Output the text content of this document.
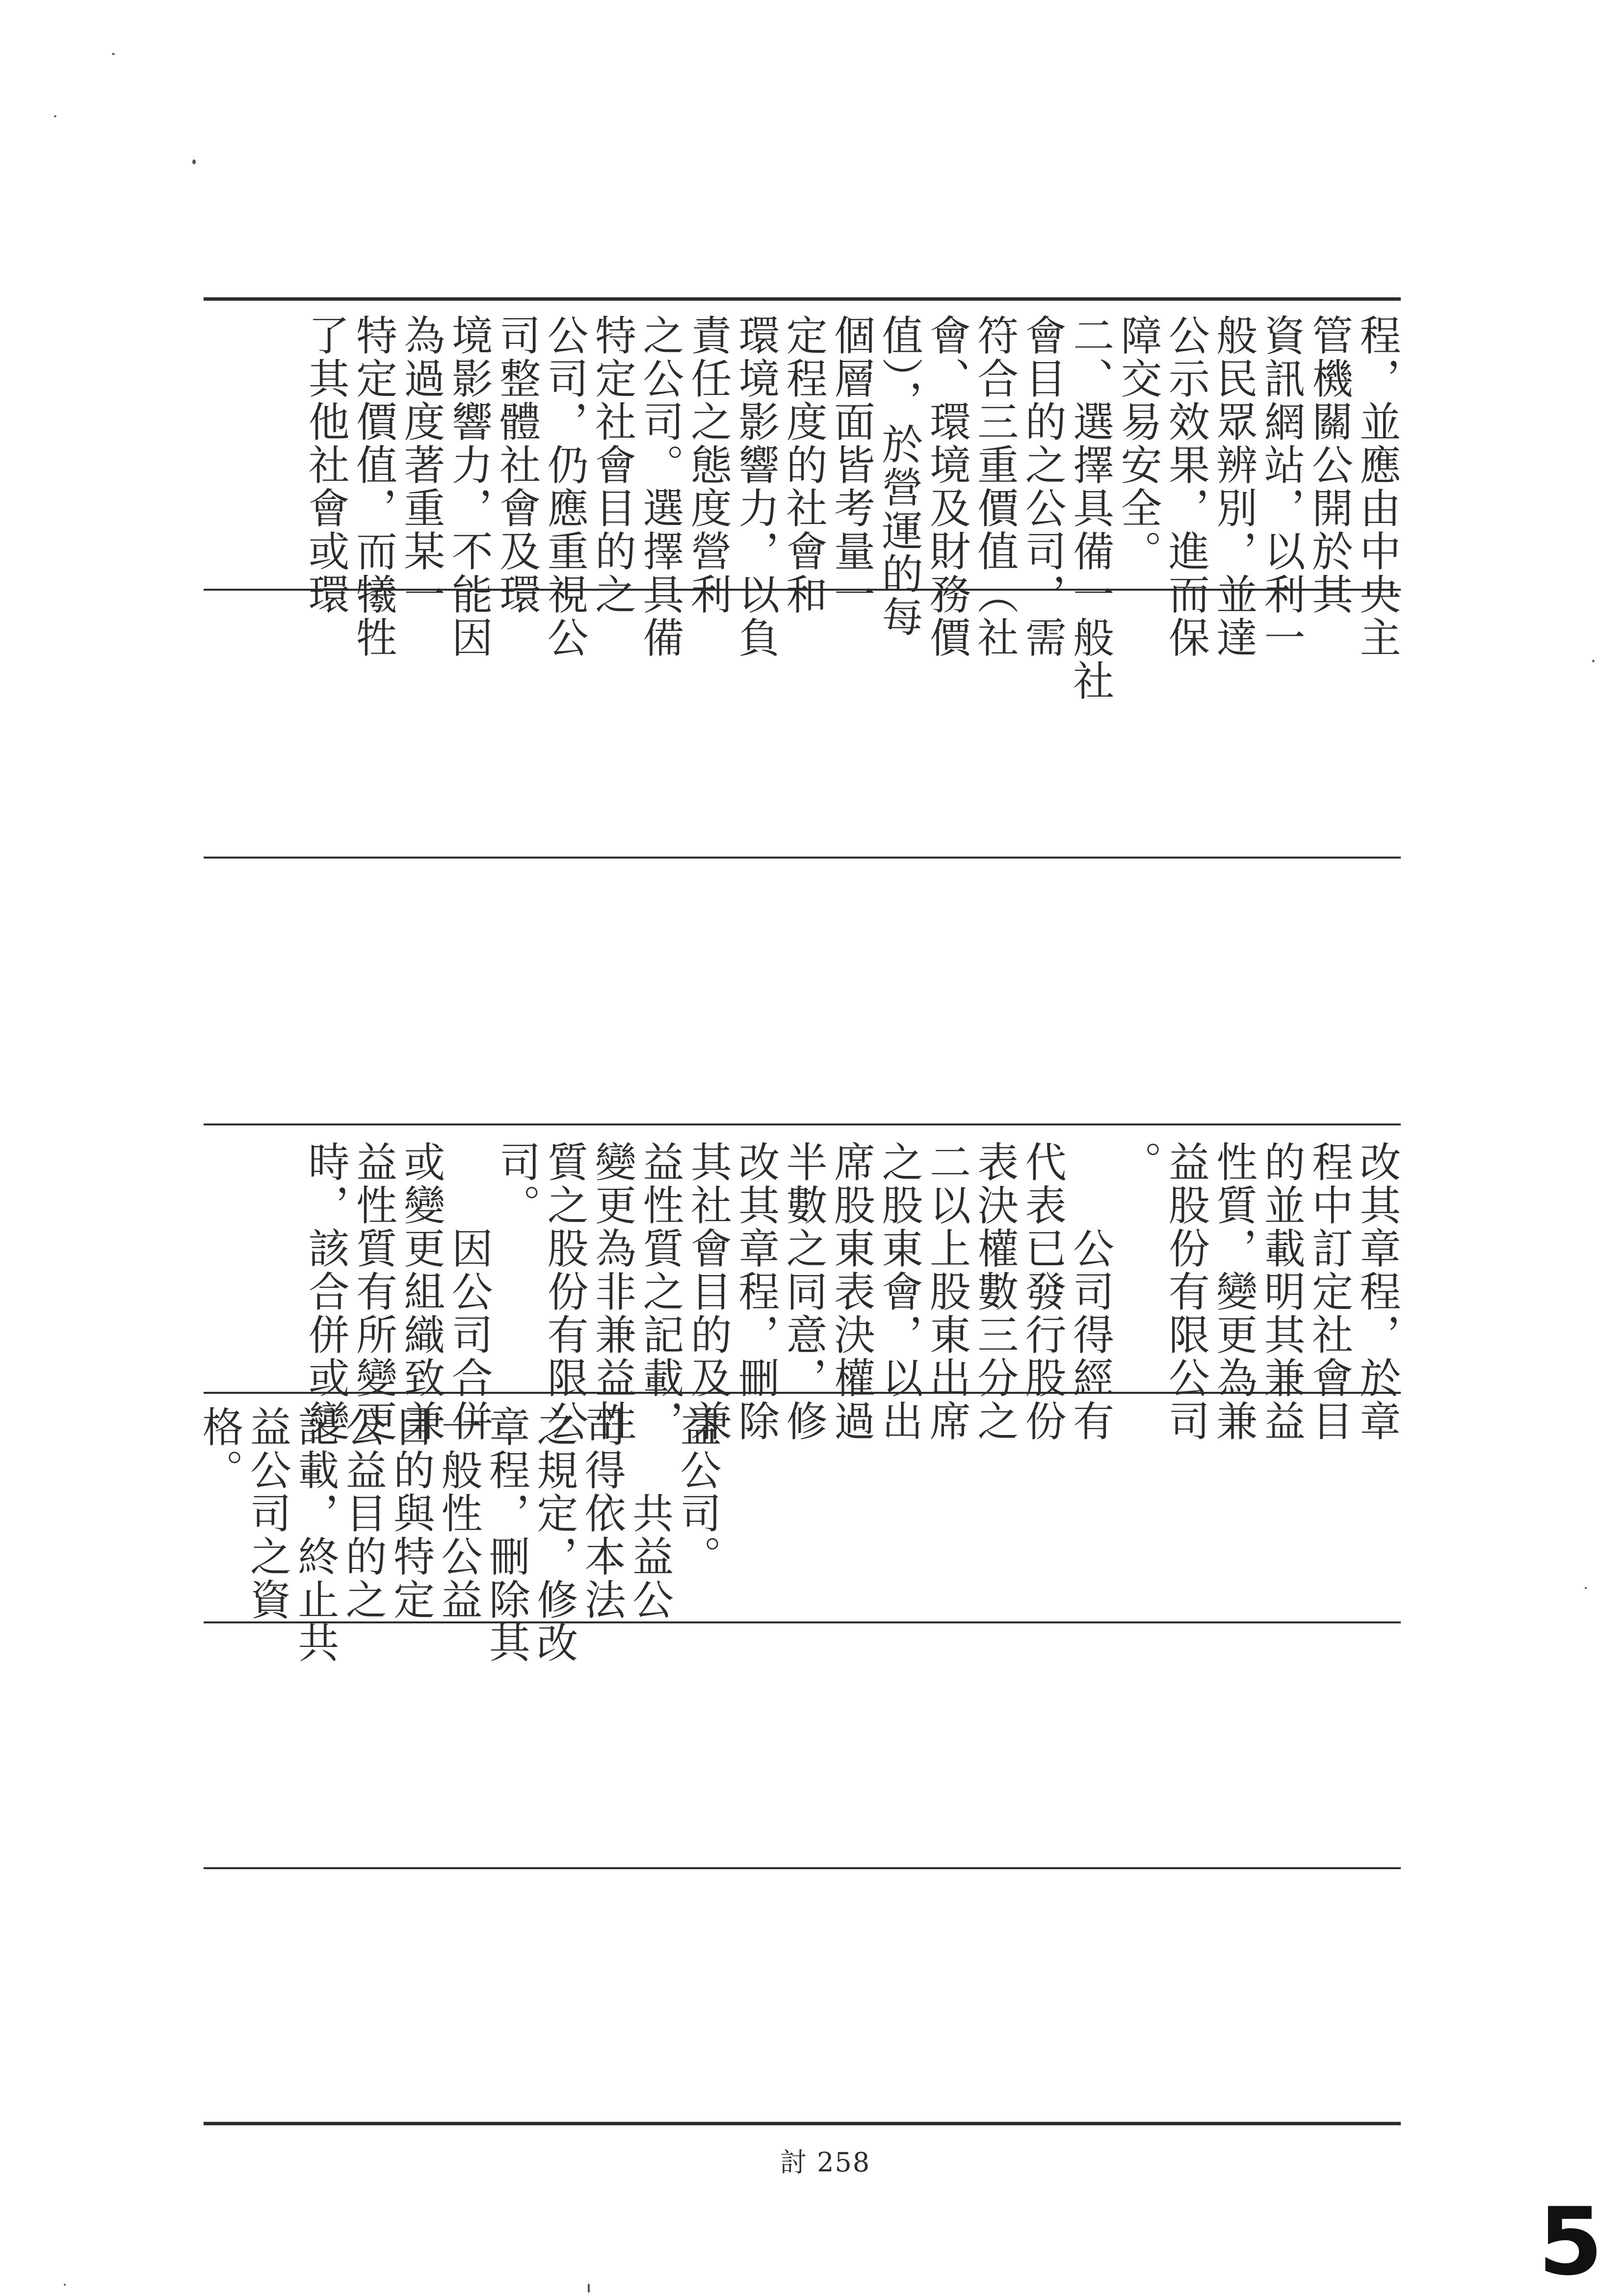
程，並應由中央主
管機關公開於其
資訊網站，以利一
般民眾辨別，並達
公示效果，進而保
障交易安全。
二、選擇具備一般社
會目的之公司，需
符合三重價值（社
會、環境及財務價
值），於營運的每
個層面皆考量一
定程度的社會和
環境影響力，以負
責任之態度營利
之公司。選擇具備
特定社會目的之
公司，仍應重視公
司整體社會及環
境影響力，不能因
為過度著重某一
特定價值，而犧牲
了其他社會或環
改其章程，於章
程中訂定社會目
的並載明其兼益
性質，變更為兼
益股份有限公司
。
　　公司得經有
代表已發行股份
表決權數三分之
二以上股東出席
之股東會，以出
席股東表決權過
半數之同意，修
改其章程，刪除
其社會目的及兼
益性質之記載，
變更為非兼益性
質之股份有限公
司。
　　因公司合併
或變更組織致兼
益性質有所變更
時，該合併或變
益公司。
　　共益公
司得依本法
之規定，修改
章程，刪除其
一般性公益
目的與特定
公益目的之
記載，終止共
益公司之資
格。
討 258
5
